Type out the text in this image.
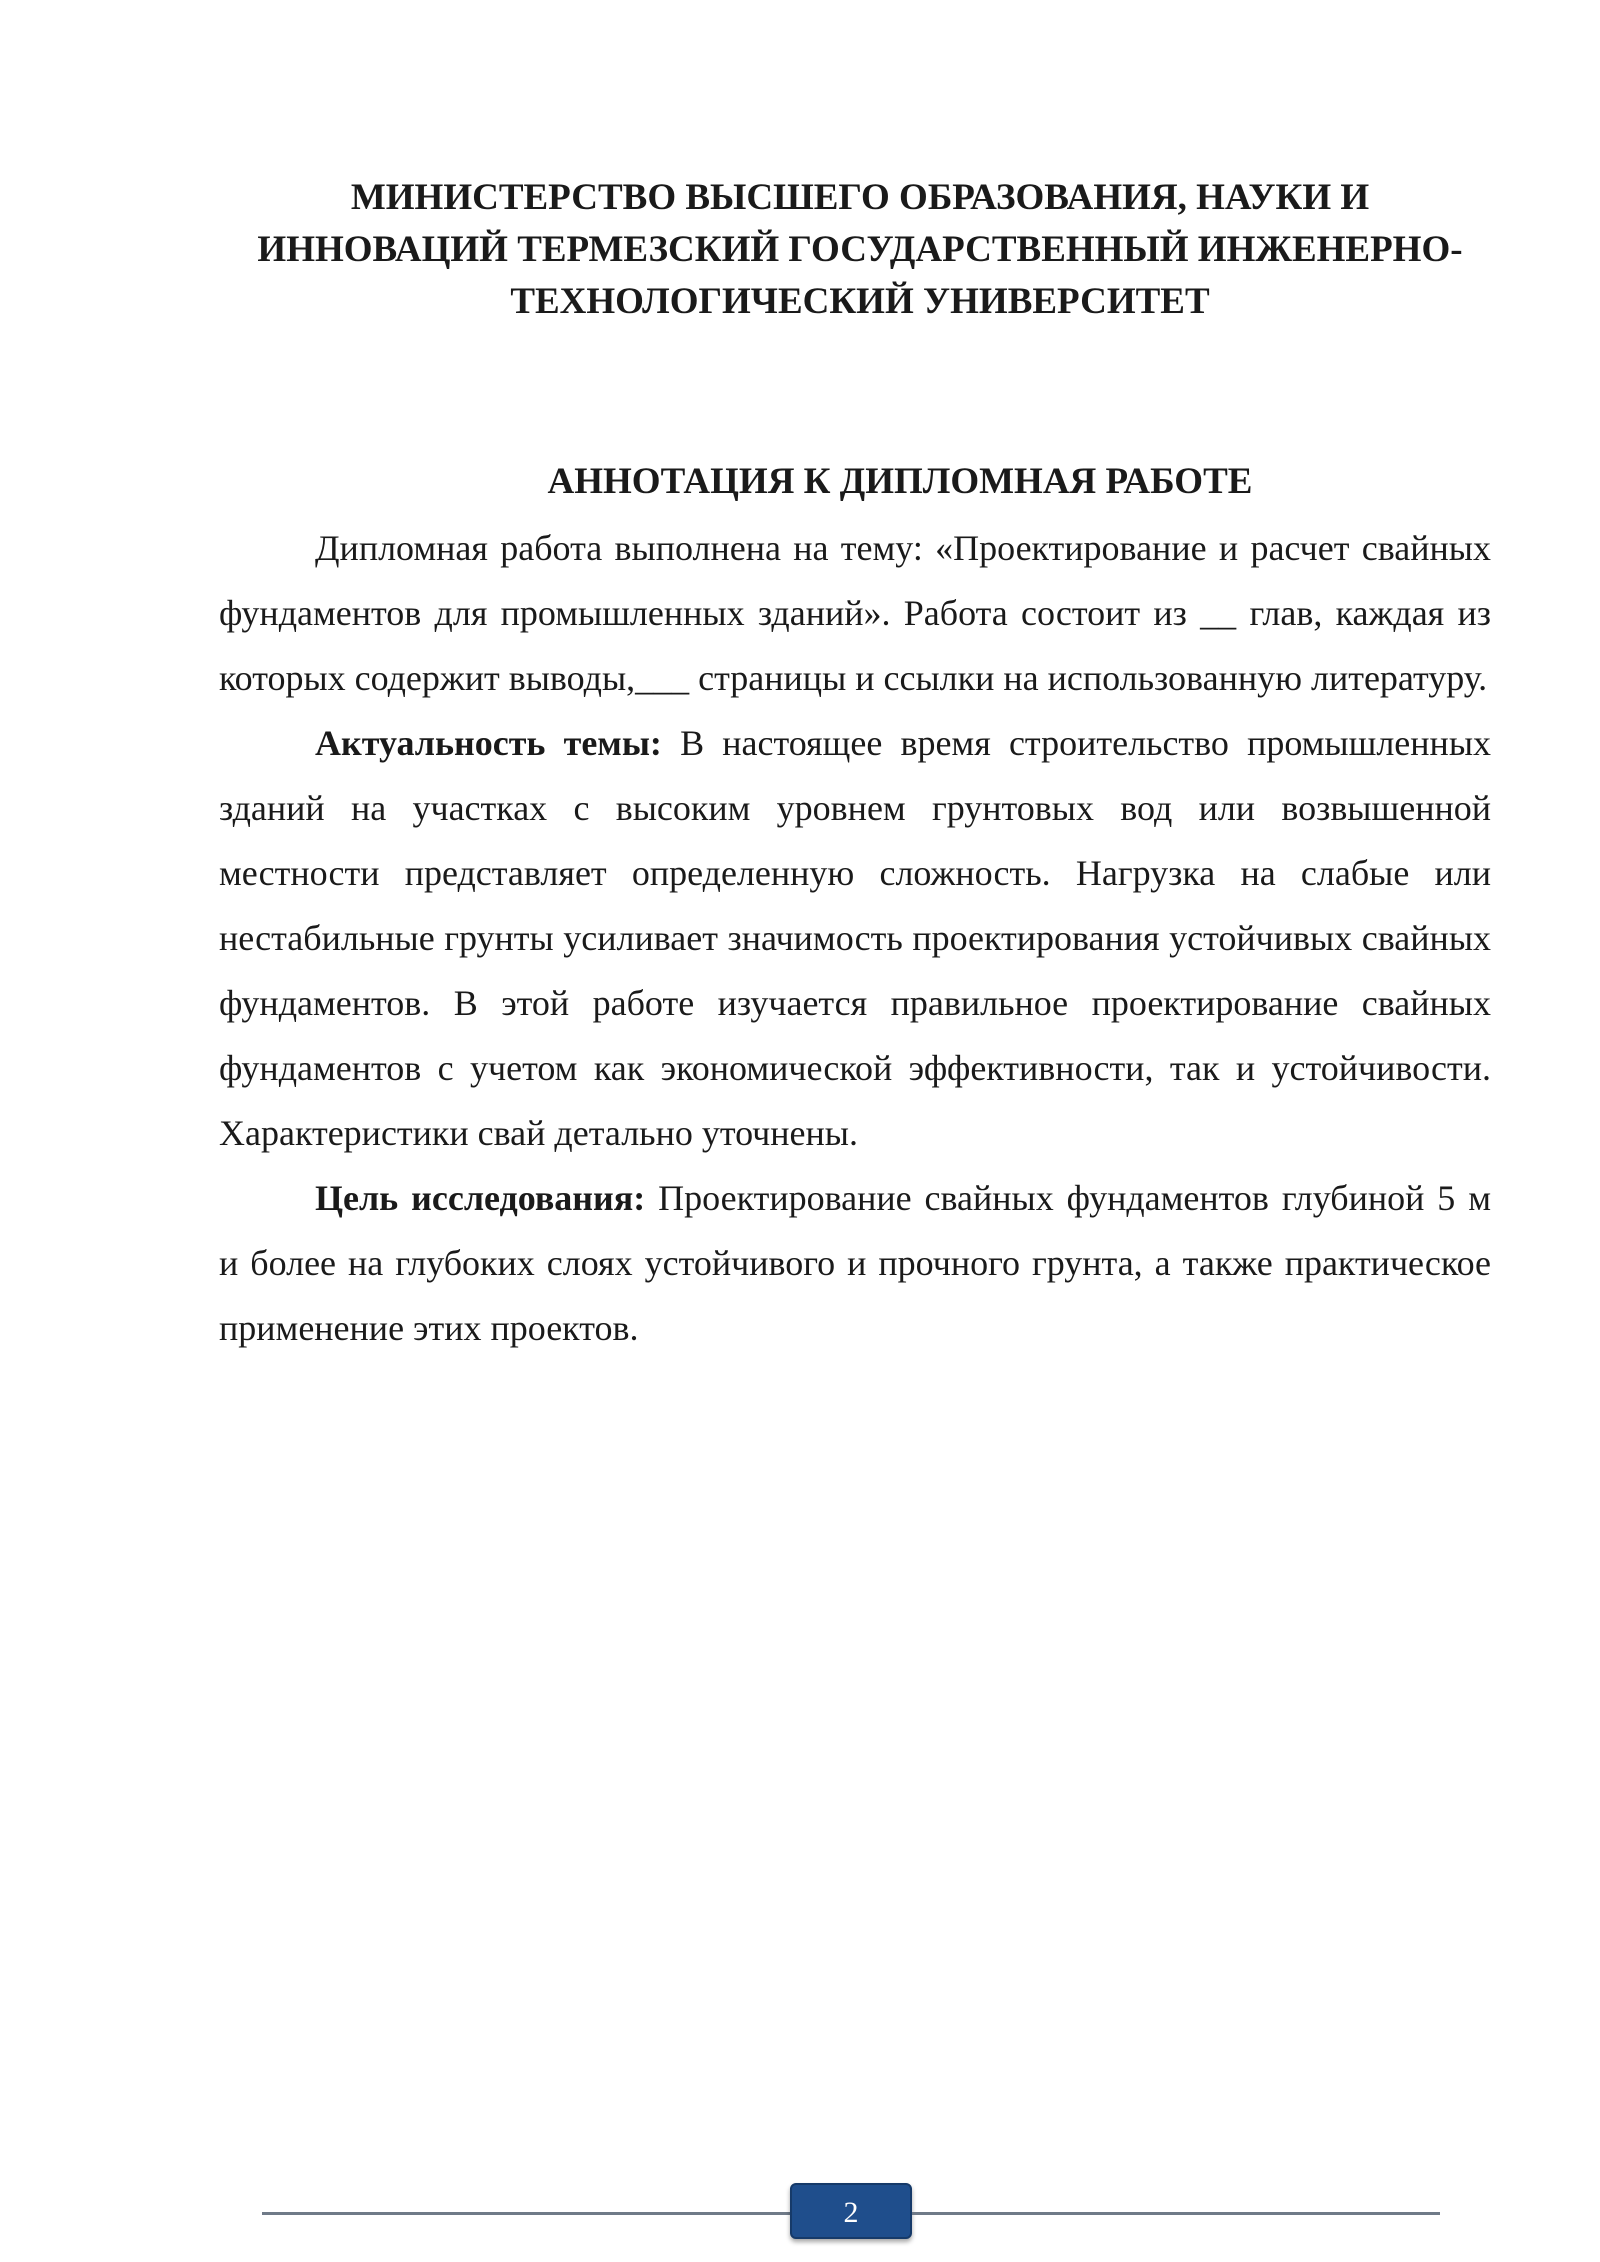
МИНИСТЕРСТВО ВЫСШЕГО ОБРАЗОВАНИЯ, НАУКИ И
ИННОВАЦИЙ ТЕРМЕЗСКИЙ ГОСУДАРСТВЕННЫЙ ИНЖЕНЕРНО-
ТЕХНОЛОГИЧЕСКИЙ УНИВЕРСИТЕТ
АННОТАЦИЯ К ДИПЛОМНАЯ РАБОТЕ

Дипломная работа выполнена на тему: «Проектирование и расчет свайных фундаментов для промышленных зданий». Работа состоит из __ глав, каждая из которых содержит выводы,___ страницы и ссылки на использованную литературу.

Актуальность темы: В настоящее время строительство промышленных зданий на участках с высоким уровнем грунтовых вод или возвышенной местности представляет определенную сложность. Нагрузка на слабые или нестабильные грунты усиливает значимость проектирования устойчивых свайных фундаментов. В этой работе изучается правильное проектирование свайных фундаментов с учетом как экономической эффективности, так и устойчивости. Характеристики свай детально уточнены.

Цель исследования: Проектирование свайных фундаментов глубиной 5 м и более на глубоких слоях устойчивого и прочного грунта, а также практическое применение этих проектов.

2
